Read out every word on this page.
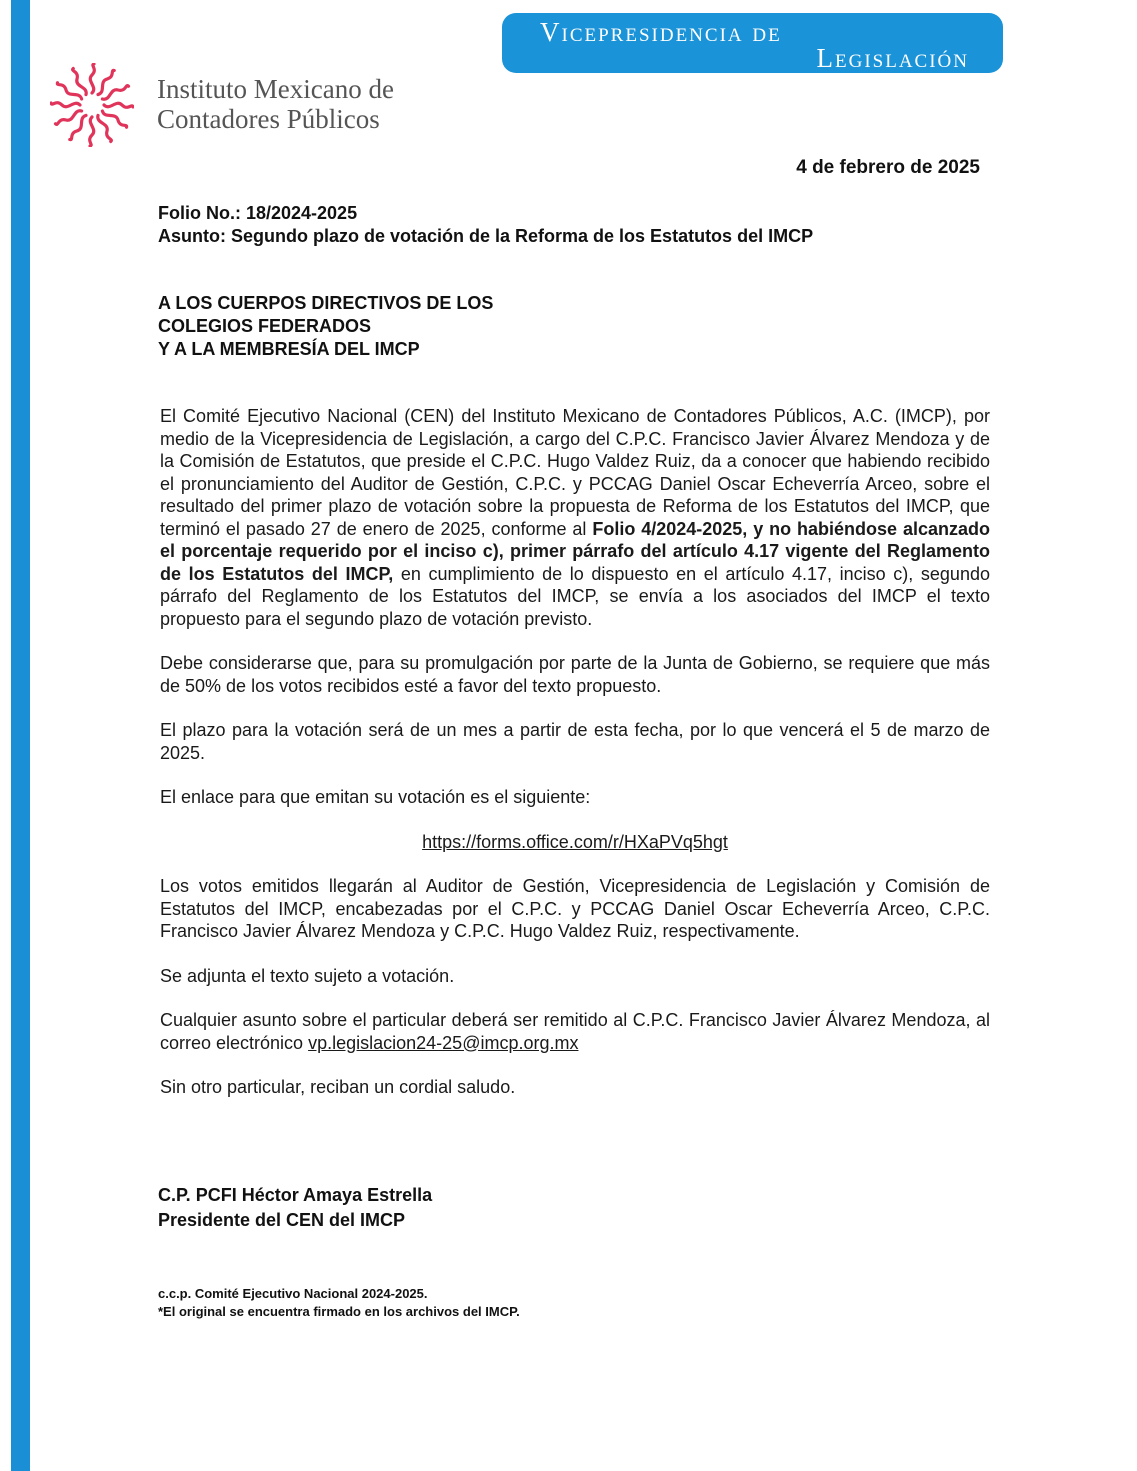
Vicepresidencia de
Legislación
Instituto Mexicano de
Contadores Públicos
4 de febrero de 2025
Folio No.: 18/2024-2025
Asunto: Segundo plazo de votación de la Reforma de los Estatutos del IMCP
A LOS CUERPOS DIRECTIVOS DE LOS
COLEGIOS FEDERADOS
Y A LA MEMBRESÍA DEL IMCP

El Comité Ejecutivo Nacional (CEN) del Instituto Mexicano de Contadores Públicos, A.C. (IMCP), por medio de la Vicepresidencia de Legislación, a cargo del C.P.C. Francisco Javier Álvarez Mendoza y de la Comisión de Estatutos, que preside el C.P.C. Hugo Valdez Ruiz, da a conocer que habiendo recibido el pronunciamiento del Auditor de Gestión, C.P.C. y PCCAG Daniel Oscar Echeverría Arceo, sobre el resultado del primer plazo de votación sobre la propuesta de Reforma de los Estatutos del IMCP, que terminó el pasado 27 de enero de 2025, conforme al Folio 4/2024-2025, y no habiéndose alcanzado el porcentaje requerido por el inciso c), primer párrafo del artículo 4.17 vigente del Reglamento de los Estatutos del IMCP, en cumplimiento de lo dispuesto en el artículo 4.17, inciso c), segundo párrafo del Reglamento de los Estatutos del IMCP, se envía a los asociados del IMCP el texto propuesto para el segundo plazo de votación previsto.

Debe considerarse que, para su promulgación por parte de la Junta de Gobierno, se requiere que más de 50% de los votos recibidos esté a favor del texto propuesto.

El plazo para la votación será de un mes a partir de esta fecha, por lo que vencerá el 5 de marzo de 2025.

El enlace para que emitan su votación es el siguiente:

https://forms.office.com/r/HXaPVq5hgt

Los votos emitidos llegarán al Auditor de Gestión, Vicepresidencia de Legislación y Comisión de Estatutos del IMCP, encabezadas por el C.P.C. y PCCAG Daniel Oscar Echeverría Arceo, C.P.C. Francisco Javier Álvarez Mendoza y C.P.C. Hugo Valdez Ruiz, respectivamente.

Se adjunta el texto sujeto a votación.

Cualquier asunto sobre el particular deberá ser remitido al C.P.C. Francisco Javier Álvarez Mendoza, al correo electrónico vp.legislacion24-25@imcp.org.mx

Sin otro particular, reciban un cordial saludo.

C.P. PCFI Héctor Amaya Estrella
Presidente del CEN del IMCP
c.c.p. Comité Ejecutivo Nacional 2024-2025.
*El original se encuentra firmado en los archivos del IMCP.
